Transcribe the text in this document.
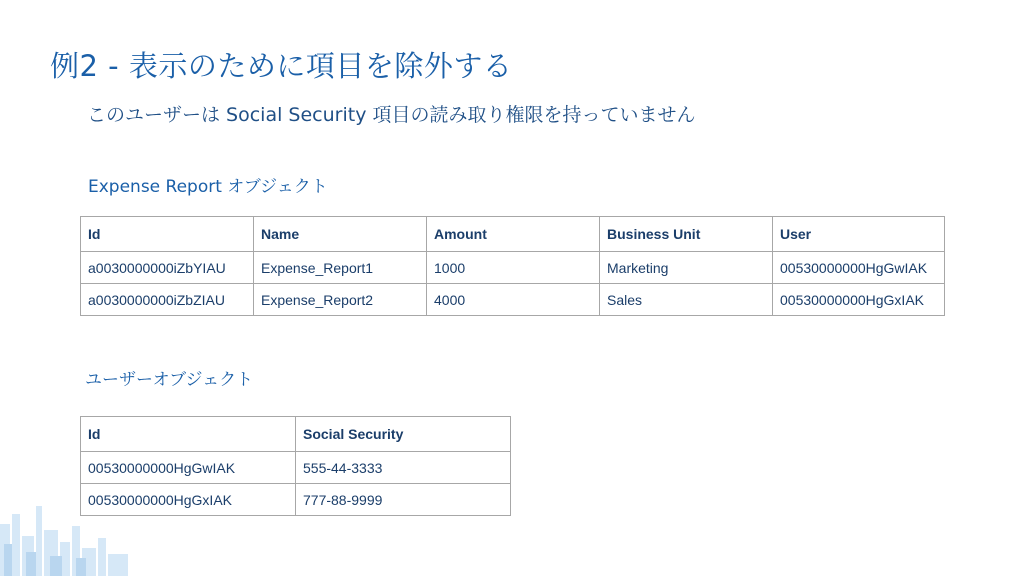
例2 - 表示のために項目を除外する
このユーザーは Social Security 項目の読み取り権限を持っていません
Expense Report オブジェクト
Id	Name	Amount	Business Unit	User
a0030000000iZbYIAU	Expense_Report1	1000	Marketing	00530000000HgGwIAK
a0030000000iZbZIAU	Expense_Report2	4000	Sales	00530000000HgGxIAK
ユーザーオブジェクト
Id	Social Security
00530000000HgGwIAK	555-44-3333
00530000000HgGxIAK	777-88-9999
